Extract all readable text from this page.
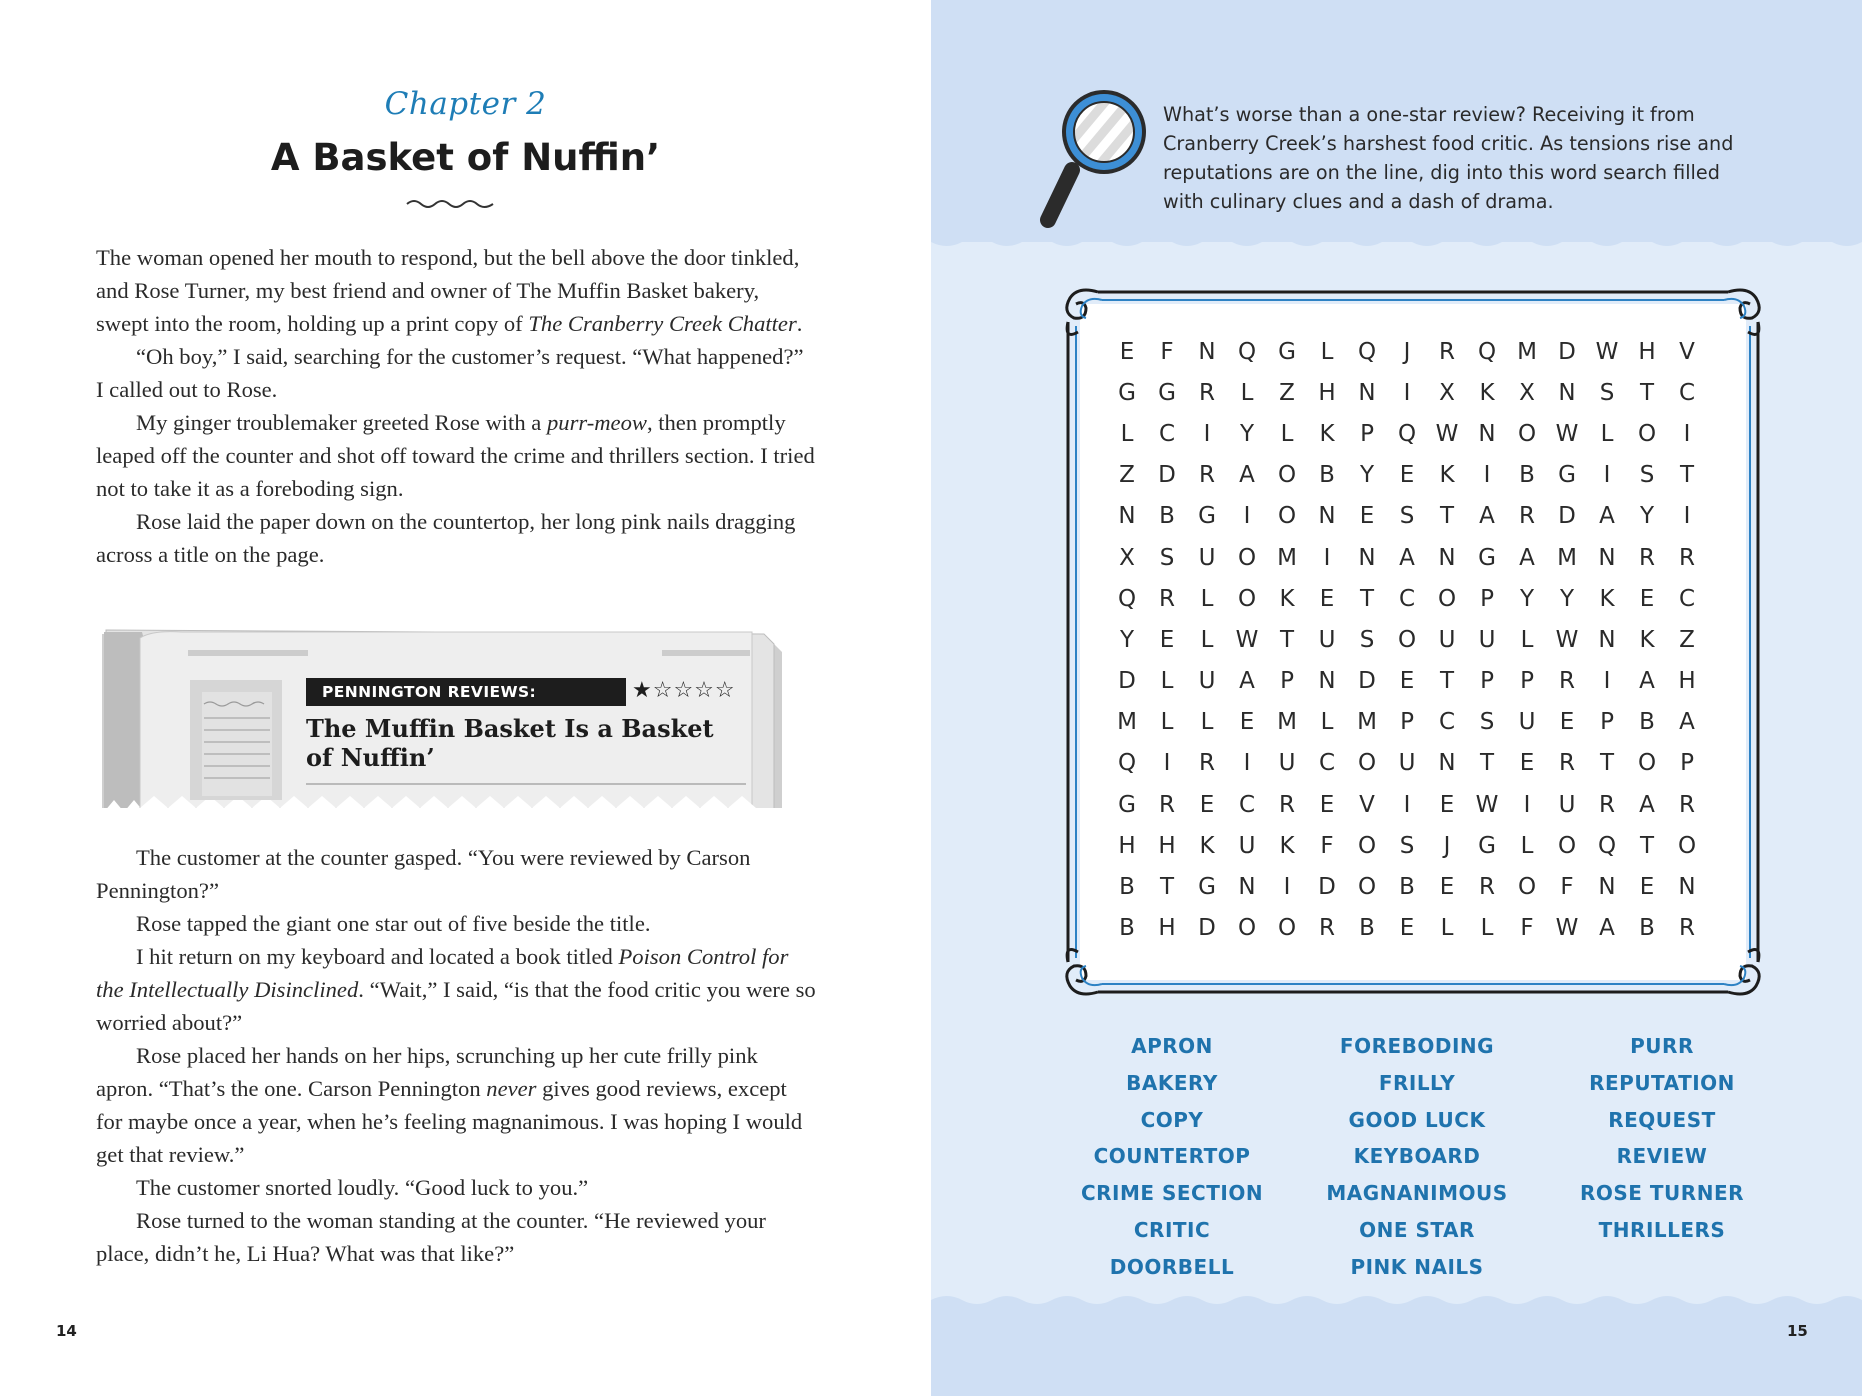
Chapter 2
A Basket of Nuffin’

The woman opened her mouth to respond, but the bell above the door tinkled, and Rose Turner, my best friend and owner of The Muffin Basket bakery, swept into the room, holding up a print copy of The Cranberry Creek Chatter.

“Oh boy,” I said, searching for the customer’s request. “What happened?” I called out to Rose.

My ginger troublemaker greeted Rose with a purr-meow, then promptly leaped off the counter and shot off toward the crime and thrillers section. I tried not to take it as a foreboding sign.

Rose laid the paper down on the countertop, her long pink nails dragging across a title on the page.

PENNINGTON REVIEWS:	★☆☆☆☆
The Muffin Basket Is a Basket of Nuffin’

The customer at the counter gasped. “You were reviewed by Carson Pennington?”

Rose tapped the giant one star out of five beside the title.

I hit return on my keyboard and located a book titled Poison Control for the Intellectually Disinclined. “Wait,” I said, “is that the food critic you were so worried about?”

Rose placed her hands on her hips, scrunching up her cute frilly pink apron. “That’s the one. Carson Pennington never gives good reviews, except for maybe once a year, when he’s feeling magnanimous. I was hoping I would get that review.”

The customer snorted loudly. “Good luck to you.”

Rose turned to the woman standing at the counter. “He reviewed your place, didn’t he, Li Hua? What was that like?”

14
What’s worse than a one-star review? Receiving it from Cranberry Creek’s harshest food critic. As tensions rise and reputations are on the line, dig into this word search filled with culinary clues and a dash of drama.
E	F	N Q G	L	Q	J	R Q M D W H	V
G G	R	L	Z	H N	I	X	K	X	N	S	T	C
L	C	I	Y	L	K	P	Q W N O W L	O	I
Z	D	R	A	O	B	Y	E	K	I	B	G	I	S	T
N	B	G	I	O N	E	S	T	A	R	D	A	Y	I
X	S	U O M	I	N	A	N G	A M N	R	R
Q R	L	O	K	E	T	C O	P	Y	Y	K	E	C
Y	E	L W T	U	S	O U	U	L W N	K	Z
D	L	U	A	P	N D	E	T	P	P	R	I	A	H
M	L	L	E M	L	M	P	C	S	U	E	P	B	A
Q	I	R	I	U	C O U N	T	E	R	T	O	P
G	R	E	C	R	E	V	I	E W	I	U	R	A	R
H H	K	U	K	F	O	S	J	G	L	O Q	T	O
B	T	G N	I	D O	B	E	R O	F	N	E	N
B	H D O O R	B	E	L	L	F W A	B	R
APRON
BAKERY
COPY
COUNTERTOP
CRIME SECTION
CRITIC
DOORBELL
FOREBODING
FRILLY
GOOD LUCK
KEYBOARD
MAGNANIMOUS
ONE STAR
PINK NAILS
PURR
REPUTATION
REQUEST
REVIEW
ROSE TURNER
THRILLERS
15
